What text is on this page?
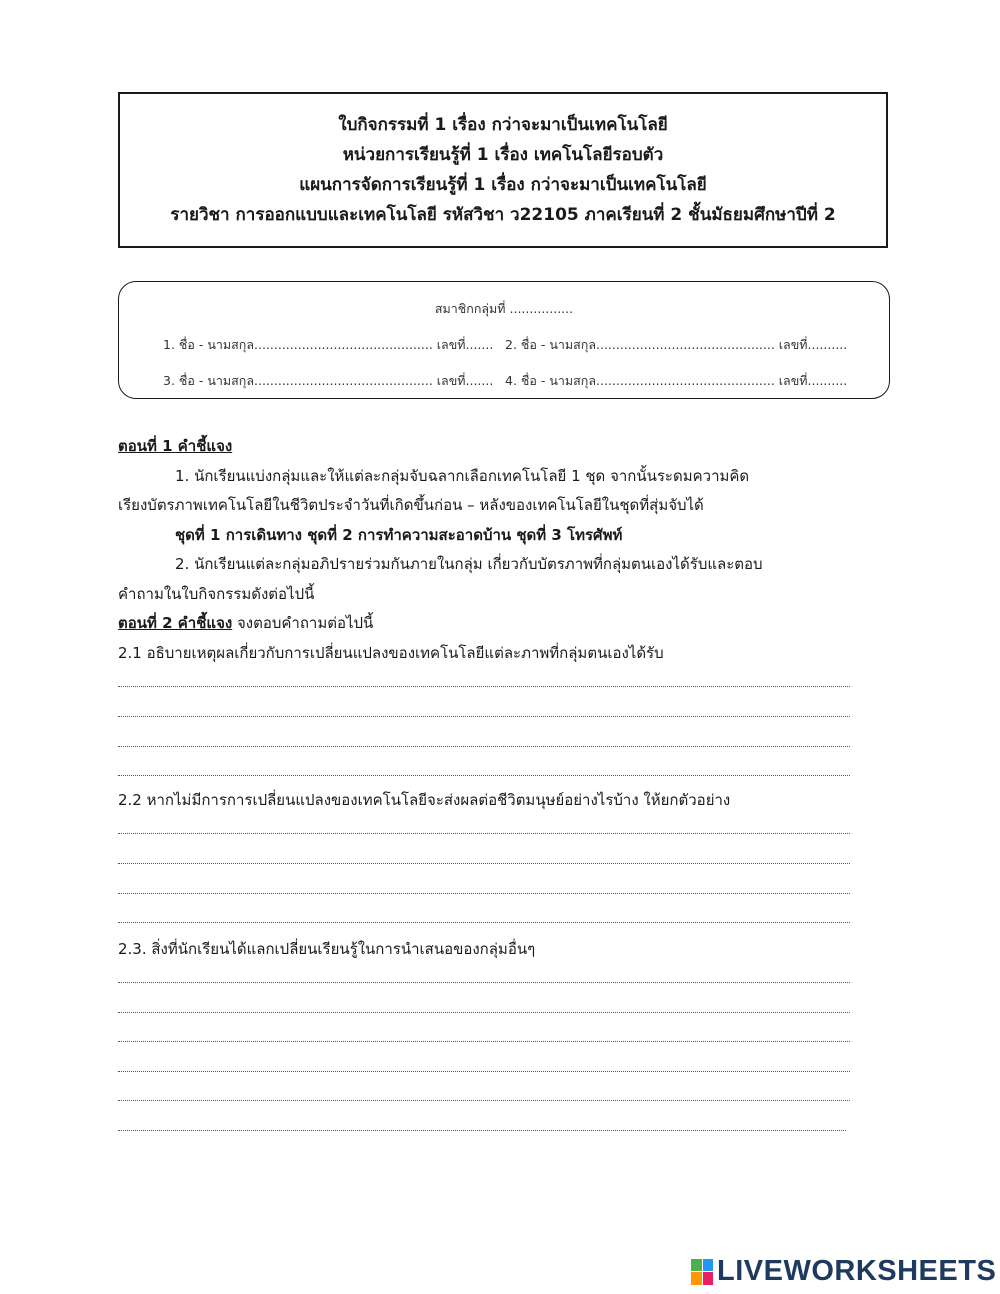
ใบกิจกรรมที่ 1 เรื่อง กว่าจะมาเป็นเทคโนโลยี
หน่วยการเรียนรู้ที่ 1 เรื่อง เทคโนโลยีรอบตัว
แผนการจัดการเรียนรู้ที่ 1 เรื่อง กว่าจะมาเป็นเทคโนโลยี
รายวิชา การออกแบบและเทคโนโลยี รหัสวิชา ว22105 ภาคเรียนที่ 2 ชั้นมัธยมศึกษาปีที่ 2
สมาชิกกลุ่มที่ ................
1. ชื่อ - นามสกุล............................................. เลขที่....... 2. ชื่อ - นามสกุล............................................. เลขที่..........
3. ชื่อ - นามสกุล............................................. เลขที่....... 4. ชื่อ - นามสกุล............................................. เลขที่..........
ตอนที่ 1 คำชี้แจง
1. นักเรียนแบ่งกลุ่มและให้แต่ละกลุ่มจับฉลากเลือกเทคโนโลยี 1 ชุด จากนั้นระดมความคิด
เรียงบัตรภาพเทคโนโลยีในชีวิตประจำวันที่เกิดขึ้นก่อน – หลังของเทคโนโลยีในชุดที่สุ่มจับได้
ชุดที่ 1 การเดินทาง ชุดที่ 2 การทำความสะอาดบ้าน ชุดที่ 3 โทรศัพท์
2. นักเรียนแต่ละกลุ่มอภิปรายร่วมกันภายในกลุ่ม เกี่ยวกับบัตรภาพที่กลุ่มตนเองได้รับและตอบ
คำถามในใบกิจกรรมดังต่อไปนี้
ตอนที่ 2 คำชี้แจง จงตอบคำถามต่อไปนี้
2.1 อธิบายเหตุผลเกี่ยวกับการเปลี่ยนแปลงของเทคโนโลยีแต่ละภาพที่กลุ่มตนเองได้รับ
2.2 หากไม่มีการการเปลี่ยนแปลงของเทคโนโลยีจะส่งผลต่อชีวิตมนุษย์อย่างไรบ้าง ให้ยกตัวอย่าง
2.3. สิ่งที่นักเรียนได้แลกเปลี่ยนเรียนรู้ในการนำเสนอของกลุ่มอื่นๆ
LIVEWORKSHEETS
